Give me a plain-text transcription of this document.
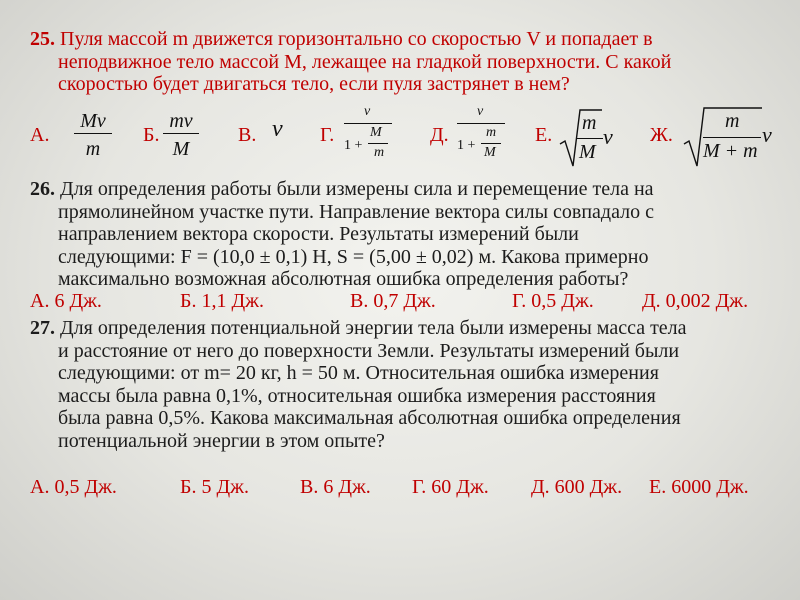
25. Пуля массой m движется горизонтально со скоростью V и попадает в
неподвижное тело массой M, лежащее на гладкой поверхности. С какой
скоростью будет двигаться тело, если пуля застрянет в нем?
А.	Б.	В.	Г.	Д.	Е.	Ж.
Mv
m
mv
M
v
v
1 +
M
m
v
1 +
m
M
m
M
v
m
M + m
v
26. Для определения работы были измерены сила и перемещение тела на
прямолинейном участке пути. Направление вектора силы совпадало с
направлением вектора скорости. Результаты измерений были
следующими: F = (10,0 ± 0,1) Н, S = (5,00 ± 0,02) м. Какова примерно
максимально возможная абсолютная ошибка определения работы?
А. 6 Дж.	Б. 1,1 Дж.	В. 0,7 Дж.	Г. 0,5 Дж. Д. 0,002 Дж.
27. Для определения потенциальной энергии тела были измерены масса тела
и расстояние от него до поверхности Земли. Результаты измерений были
следующими: от m= 20 кг, h = 50 м. Относительная ошибка измерения
массы была равна 0,1%, относительная ошибка измерения расстояния
была равна 0,5%. Какова максимальная абсолютная ошибка определения
потенциальной энергии в этом опыте?
А. 0,5 Дж.	Б. 5 Дж.	В. 6 Дж. Г. 60 Дж. Д. 600 Дж. Е. 6000 Дж.
